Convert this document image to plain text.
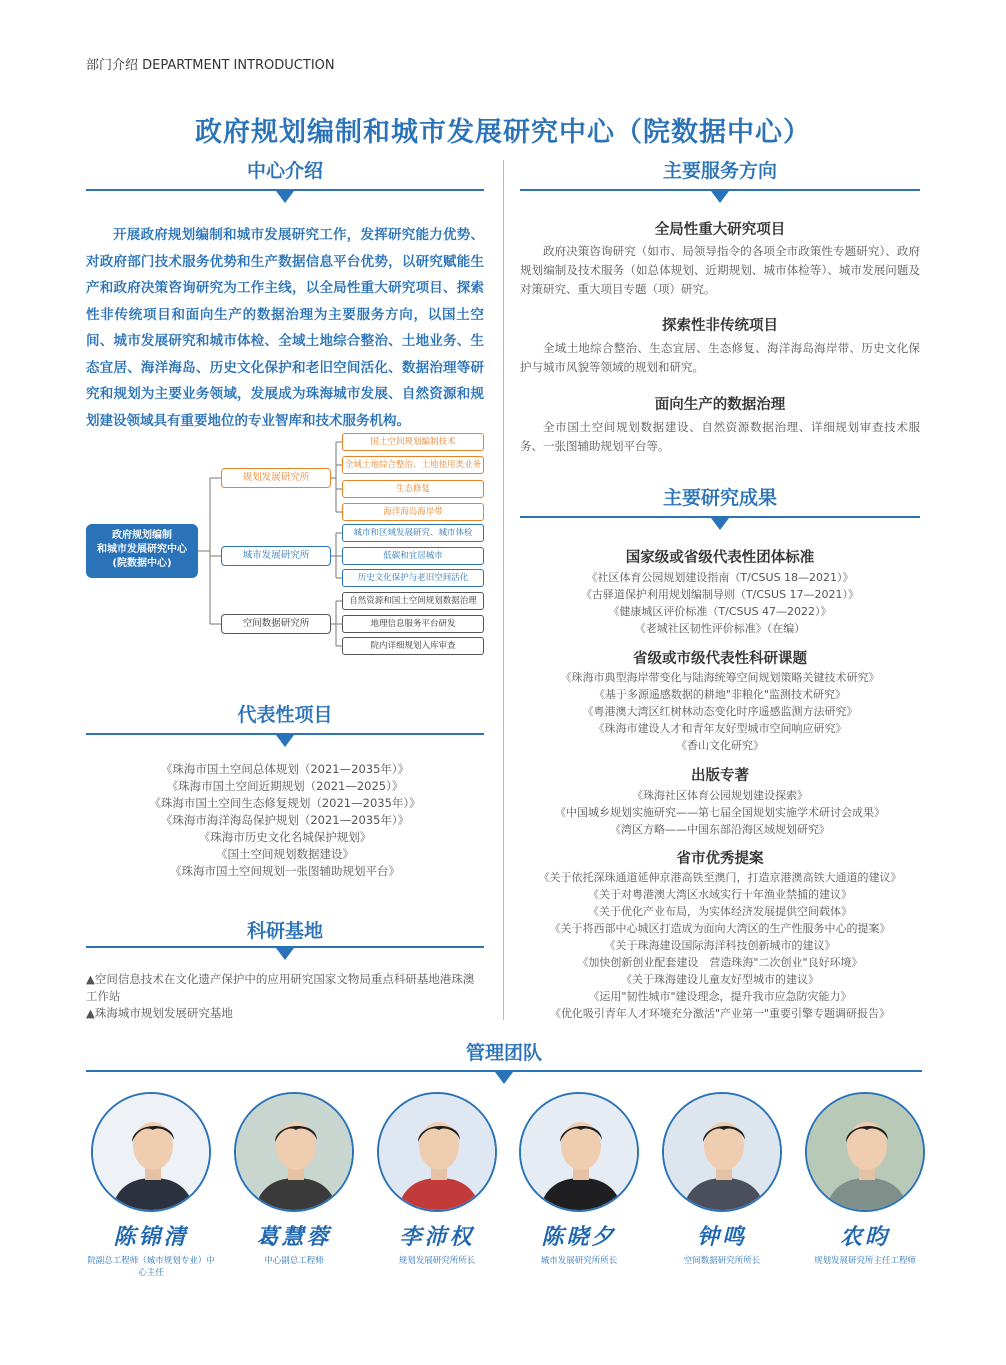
部门介绍 DEPARTMENT INTRODUCTION
政府规划编制和城市发展研究中心（院数据中心）
中心介绍
开展政府规划编制和城市发展研究工作，发挥研究能力优势、对政府部门技术服务优势和生产数据信息平台优势，以研究赋能生产和政府决策咨询研究为工作主线，以全局性重大研究项目、探索性非传统项目和面向生产的数据治理为主要服务方向，以国土空间、城市发展研究和城市体检、全域土地综合整治、土地业务、生态宜居、海洋海岛、历史文化保护和老旧空间活化、数据治理等研究和规划为主要业务领域，发展成为珠海城市发展、自然资源和规划建设领域具有重要地位的专业智库和技术服务机构。
政府规划编制
和城市发展研究中心
(院数据中心)
规划发展研究所
城市发展研究所
空间数据研究所
国土空间规划编制技术
全域土地综合整治、土地使用类业务
生态修复
海洋海岛海岸带
城市和区域发展研究、城市体检
低碳和宜居城市
历史文化保护与老旧空间活化
自然资源和国土空间规划数据治理
地理信息服务平台研发
院内详细规划入库审查
代表性项目
《珠海市国土空间总体规划（2021—2035年）》
《珠海市国土空间近期规划（2021—2025）》
《珠海市国土空间生态修复规划（2021—2035年）》
《珠海市海洋海岛保护规划（2021—2035年）》
《珠海市历史文化名城保护规划》
《国土空间规划数据建设》
《珠海市国土空间规划一张图辅助规划平台》
科研基地
▲空间信息技术在文化遗产保护中的应用研究国家文物局重点科研基地港珠澳工作站
▲珠海城市规划发展研究基地
主要服务方向
全局性重大研究项目
政府决策咨询研究（如市、局领导指令的各项全市政策性专题研究）、政府规划编制及技术服务（如总体规划、近期规划、城市体检等）、城市发展问题及对策研究、重大项目专题（项）研究。
探索性非传统项目
全域土地综合整治、生态宜居、生态修复、海洋海岛海岸带、历史文化保护与城市风貌等领域的规划和研究。
面向生产的数据治理
全市国土空间规划数据建设、自然资源数据治理、详细规划审查技术服务、一张图辅助规划平台等。
主要研究成果
国家级或省级代表性团体标准
《社区体育公园规划建设指南（T/CSUS 18—2021）》
《古驿道保护利用规划编制导则（T/CSUS 17—2021）》
《健康城区评价标准（T/CSUS 47—2022）》
《老城社区韧性评价标准》（在编）
省级或市级代表性科研课题
《珠海市典型海岸带变化与陆海统筹空间规划策略关键技术研究》
《基于多源遥感数据的耕地"非粮化"监测技术研究》
《粤港澳大湾区红树林动态变化时序遥感监测方法研究》
《珠海市建设人才和青年友好型城市空间响应研究》
《香山文化研究》
出版专著
《珠海社区体育公园规划建设探索》
《中国城乡规划实施研究——第七届全国规划实施学术研讨会成果》
《湾区方略——中国东部沿海区域规划研究》
省市优秀提案
《关于依托深珠通道延伸京港高铁至澳门，打造京港澳高铁大通道的建议》
《关于对粤港澳大湾区水域实行十年渔业禁捕的建议》
《关于优化产业布局，为实体经济发展提供空间载体》
《关于将西部中心城区打造成为面向大湾区的生产性服务中心的提案》
《关于珠海建设国际海洋科技创新城市的建议》
《加快创新创业配套建设　营造珠海"二次创业"良好环境》
《关于珠海建设儿童友好型城市的建议》
《运用"韧性城市"建设理念，提升我市应急防灾能力》
《优化吸引青年人才环境充分激活"产业第一"重要引擎专题调研报告》
管理团队
陈锦清
院副总工程师（城市规划专业）中心主任
葛慧蓉
中心副总工程师
李沛权
规划发展研究所所长
陈晓夕
城市发展研究所所长
钟鸣
空间数据研究所所长
农昀
规划发展研究所主任工程师
